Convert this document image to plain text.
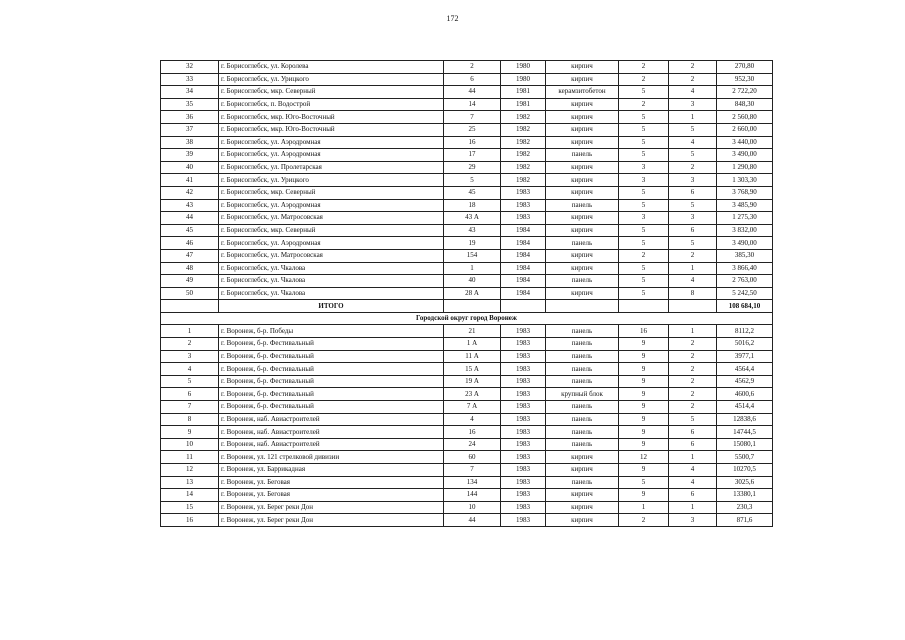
172
32	г. Борисоглебск, ул. Королева	2	1980	кирпич	2	2	270,80
33	г. Борисоглебск, ул. Урицкого	6	1980	кирпич	2	2	952,30
34	г. Борисоглебск, мкр. Северный	44	1981	керамзитобетон	5	4	2 722,20
35	г. Борисоглебск, п. Водострой	14	1981	кирпич	2	3	848,30
36	г. Борисоглебск, мкр. Юго-Восточный	7	1982	кирпич	5	1	2 560,80
37	г. Борисоглебск, мкр. Юго-Восточный	25	1982	кирпич	5	5	2 660,00
38	г. Борисоглебск, ул. Аэродромная	16	1982	кирпич	5	4	3 440,00
39	г. Борисоглебск, ул. Аэродромная	17	1982	панель	5	5	3 490,00
40	г. Борисоглебск, ул. Пролетарская	29	1982	кирпич	3	2	1 290,80
41	г. Борисоглебск, ул. Урицкого	5	1982	кирпич	3	3	1 303,30
42	г. Борисоглебск, мкр. Северный	45	1983	кирпич	5	6	3 768,90
43	г. Борисоглебск, ул. Аэродромная	18	1983	панель	5	5	3 485,90
44	г. Борисоглебск, ул. Матросовская	43 А	1983	кирпич	3	3	1 275,30
45	г. Борисоглебск, мкр. Северный	43	1984	кирпич	5	6	3 832,00
46	г. Борисоглебск, ул. Аэродромная	19	1984	панель	5	5	3 490,00
47	г. Борисоглебск, ул. Матросовская	154	1984	кирпич	2	2	385,30
48	г. Борисоглебск, ул. Чкалова	1	1984	кирпич	5	1	3 866,40
49	г. Борисоглебск, ул. Чкалова	40	1984	панель	5	4	2 763,00
50	г. Борисоглебск, ул. Чкалова	28 А	1984	кирпич	5	8	5 242,50
	ИТОГО						108 684,10
Городской округ город Воронеж							
1	г. Воронеж, б-р. Победы	21	1983	панель	16	1	8112,2
2	г. Воронеж, б-р. Фестивальный	1 А	1983	панель	9	2	5016,2
3	г. Воронеж, б-р. Фестивальный	11 А	1983	панель	9	2	3977,1
4	г. Воронеж, б-р. Фестивальный	15 А	1983	панель	9	2	4564,4
5	г. Воронеж, б-р. Фестивальный	19 А	1983	панель	9	2	4562,9
6	г. Воронеж, б-р. Фестивальный	23 А	1983	крупный блок	9	2	4600,6
7	г. Воронеж, б-р. Фестивальный	7 А	1983	панель	9	2	4514,4
8	г. Воронеж, наб. Авиастроителей	4	1983	панель	9	5	12838,6
9	г. Воронеж, наб. Авиастроителей	16	1983	панель	9	6	14744,5
10	г. Воронеж, наб. Авиастроителей	24	1983	панель	9	6	15080,1
11	г. Воронеж, ул. 121 стрелковой дивизии	60	1983	кирпич	12	1	5500,7
12	г. Воронеж, ул. Баррикадная	7	1983	кирпич	9	4	10270,5
13	г. Воронеж, ул. Беговая	134	1983	панель	5	4	3025,6
14	г. Воронеж, ул. Беговая	144	1983	кирпич	9	6	13380,1
15	г. Воронеж, ул. Берег реки Дон	10	1983	кирпич	1	1	230,3
16	г. Воронеж, ул. Берег реки Дон	44	1983	кирпич	2	3	871,6
